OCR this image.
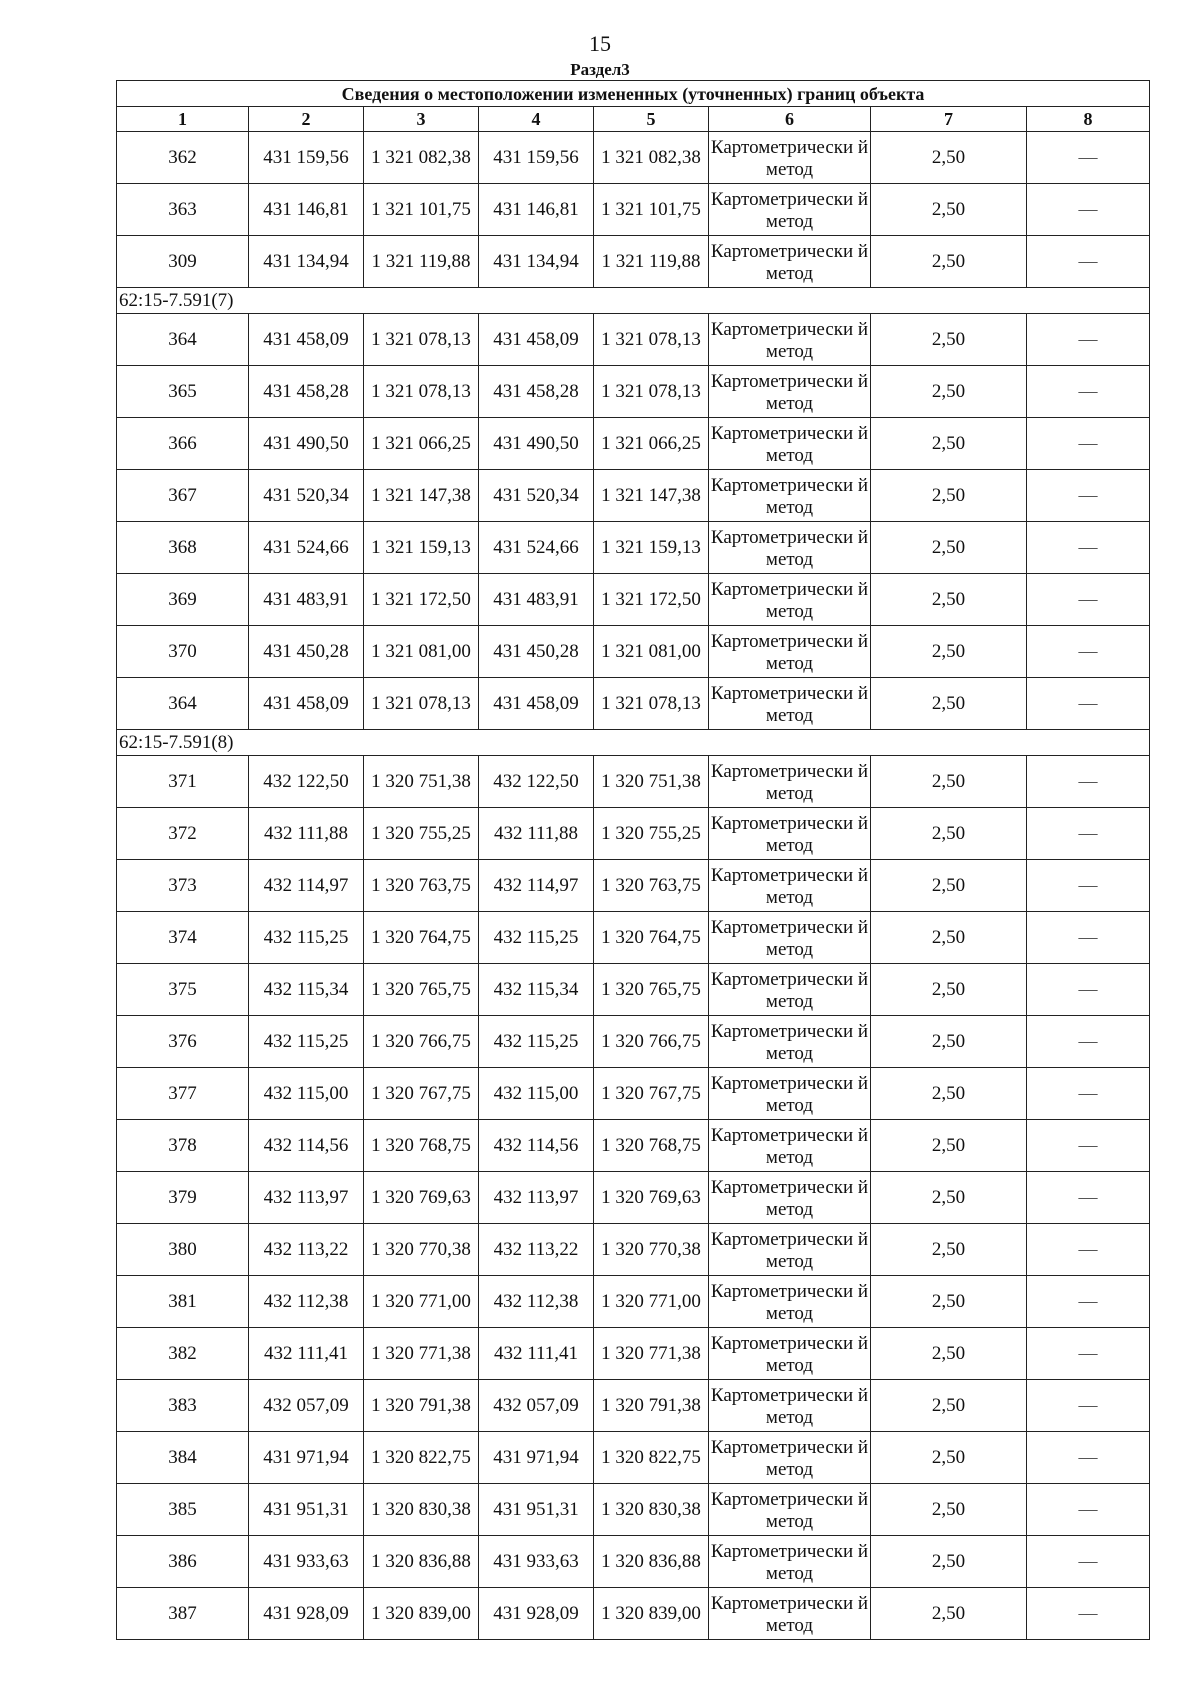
15
Раздел3
Сведения о местоположении измененных (уточненных) границ объекта							
1	2	3	4	5	6	7	8
362	431 159,56	1 321 082,38	431 159,56	1 321 082,38	Картометрически й метод	2,50	—
363	431 146,81	1 321 101,75	431 146,81	1 321 101,75	Картометрически й метод	2,50	—
309	431 134,94	1 321 119,88	431 134,94	1 321 119,88	Картометрически й метод	2,50	—
62:15-7.591(7)							
364	431 458,09	1 321 078,13	431 458,09	1 321 078,13	Картометрически й метод	2,50	—
365	431 458,28	1 321 078,13	431 458,28	1 321 078,13	Картометрически й метод	2,50	—
366	431 490,50	1 321 066,25	431 490,50	1 321 066,25	Картометрически й метод	2,50	—
367	431 520,34	1 321 147,38	431 520,34	1 321 147,38	Картометрически й метод	2,50	—
368	431 524,66	1 321 159,13	431 524,66	1 321 159,13	Картометрически й метод	2,50	—
369	431 483,91	1 321 172,50	431 483,91	1 321 172,50	Картометрически й метод	2,50	—
370	431 450,28	1 321 081,00	431 450,28	1 321 081,00	Картометрически й метод	2,50	—
364	431 458,09	1 321 078,13	431 458,09	1 321 078,13	Картометрически й метод	2,50	—
62:15-7.591(8)							
371	432 122,50	1 320 751,38	432 122,50	1 320 751,38	Картометрически й метод	2,50	—
372	432 111,88	1 320 755,25	432 111,88	1 320 755,25	Картометрически й метод	2,50	—
373	432 114,97	1 320 763,75	432 114,97	1 320 763,75	Картометрически й метод	2,50	—
374	432 115,25	1 320 764,75	432 115,25	1 320 764,75	Картометрически й метод	2,50	—
375	432 115,34	1 320 765,75	432 115,34	1 320 765,75	Картометрически й метод	2,50	—
376	432 115,25	1 320 766,75	432 115,25	1 320 766,75	Картометрически й метод	2,50	—
377	432 115,00	1 320 767,75	432 115,00	1 320 767,75	Картометрически й метод	2,50	—
378	432 114,56	1 320 768,75	432 114,56	1 320 768,75	Картометрически й метод	2,50	—
379	432 113,97	1 320 769,63	432 113,97	1 320 769,63	Картометрически й метод	2,50	—
380	432 113,22	1 320 770,38	432 113,22	1 320 770,38	Картометрически й метод	2,50	—
381	432 112,38	1 320 771,00	432 112,38	1 320 771,00	Картометрически й метод	2,50	—
382	432 111,41	1 320 771,38	432 111,41	1 320 771,38	Картометрически й метод	2,50	—
383	432 057,09	1 320 791,38	432 057,09	1 320 791,38	Картометрически й метод	2,50	—
384	431 971,94	1 320 822,75	431 971,94	1 320 822,75	Картометрически й метод	2,50	—
385	431 951,31	1 320 830,38	431 951,31	1 320 830,38	Картометрически й метод	2,50	—
386	431 933,63	1 320 836,88	431 933,63	1 320 836,88	Картометрически й метод	2,50	—
387	431 928,09	1 320 839,00	431 928,09	1 320 839,00	Картометрически й метод	2,50	—
